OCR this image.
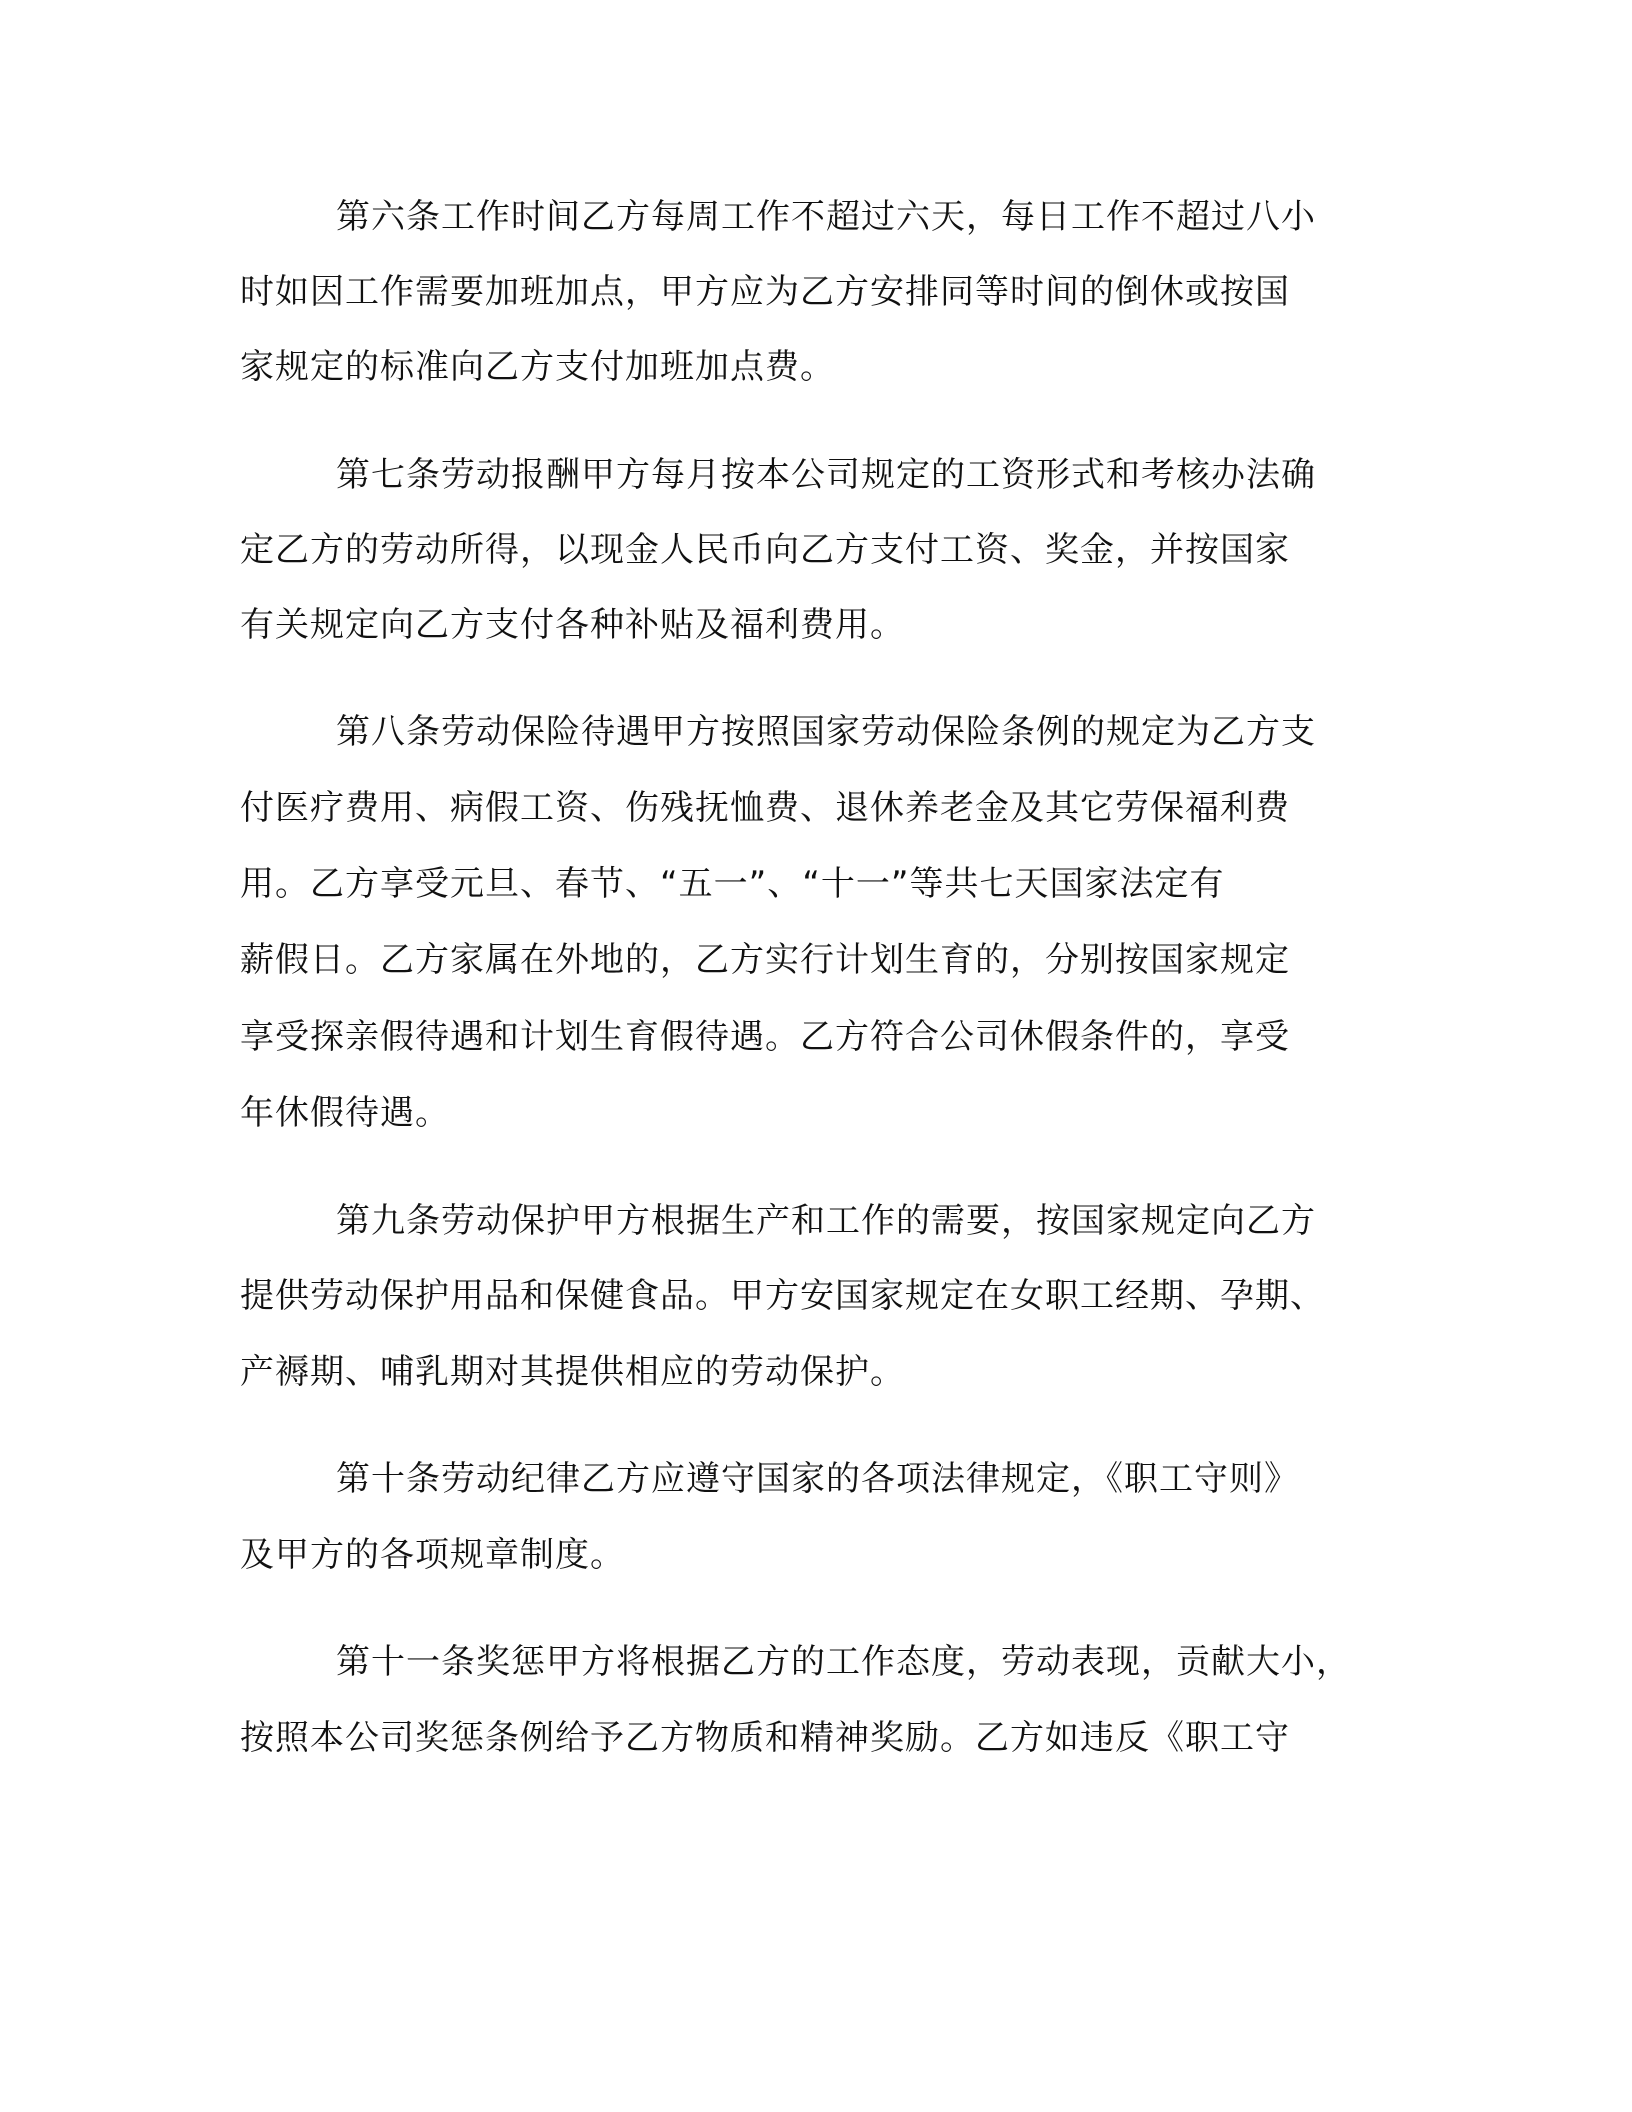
第六条工作时间乙方每周工作不超过六天，每日工作不超过八小

时如因工作需要加班加点，甲方应为乙方安排同等时间的倒休或按国

家规定的标准向乙方支付加班加点费。

第七条劳动报酬甲方每月按本公司规定的工资形式和考核办法确

定乙方的劳动所得，以现金人民币向乙方支付工资、奖金，并按国家

有关规定向乙方支付各种补贴及福利费用。

第八条劳动保险待遇甲方按照国家劳动保险条例的规定为乙方支

付医疗费用、病假工资、伤残抚恤费、退休养老金及其它劳保福利费

用。乙方享受元旦、春节、“五一”、“十一”等共七天国家法定有

薪假日。乙方家属在外地的，乙方实行计划生育的，分别按国家规定

享受探亲假待遇和计划生育假待遇。乙方符合公司休假条件的，享受

年休假待遇。

第九条劳动保护甲方根据生产和工作的需要，按国家规定向乙方

提供劳动保护用品和保健食品。甲方安国家规定在女职工经期、孕期、

产褥期、哺乳期对其提供相应的劳动保护。

第十条劳动纪律乙方应遵守国家的各项法律规定，《职工守则》

及甲方的各项规章制度。

第十一条奖惩甲方将根据乙方的工作态度，劳动表现，贡献大小，

按照本公司奖惩条例给予乙方物质和精神奖励。乙方如违反《职工守
